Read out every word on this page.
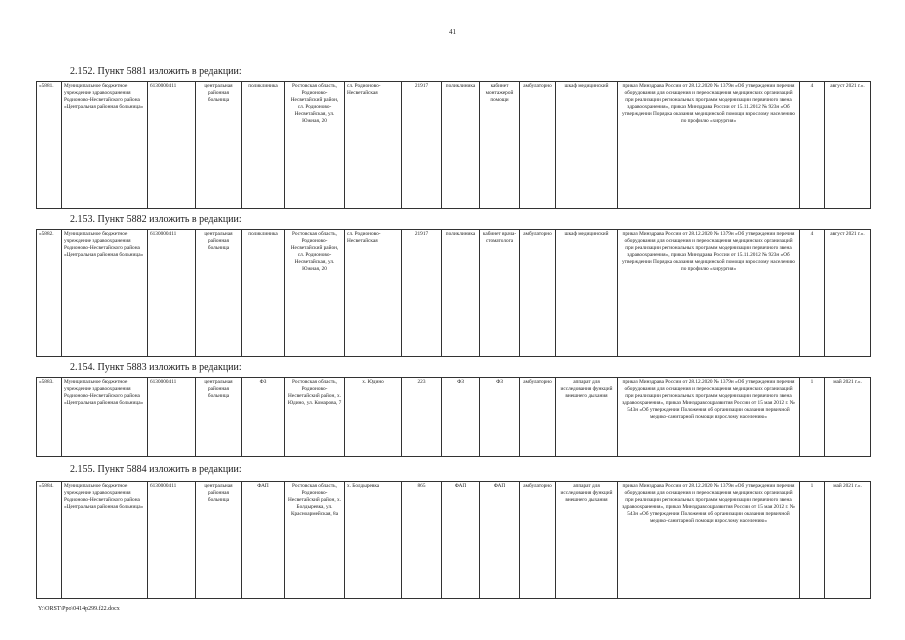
41
2.152. Пункт 5881 изложить в редакции:
«5881.	Муниципальное бюджетное учреждение здравоохранения Родионово-Несветайского района «Центральная районная больница»	6130000411	центральная районная больница	поликлиника	Ростовская область, Родионово-Несветайский район, сл. Родионово-Несветайская, ул. Южная, 20	сл. Родионово-Несветайская	21917	поликлиника	кабинет монтажерой помощи	амбулаторно	шкаф медицинский	приказ Минздрава России от 28.12.2020 № 1379н «Об утверждении перечня оборудования для оснащения и переоснащения медицинских организаций при реализации региональных программ модернизации первичного звена здравоохранения», приказ Минздрава России от 15.11.2012 № 923н «Об утверждении Порядка оказания медицинской помощи взрослому населению по профилю «хирургия»	4	август 2021 г.».
2.153. Пункт 5882 изложить в редакции:
«5882.	Муниципальное бюджетное учреждение здравоохранения Родионово-Несветайского района «Центральная районная больница»	6130000411	центральная районная больница	поликлиника	Ростовская область, Родионово-Несветайский район, сл. Родионово-Несветайская, ул. Южная, 20	сл. Родионово-Несветайская	21917	поликлиника	кабинет врача-стоматолога	амбулаторно	шкаф медицинский	приказ Минздрава России от 28.12.2020 № 1379н «Об утверждении перечня оборудования для оснащения и переоснащения медицинских организаций при реализации региональных программ модернизации первичного звена здравоохранения», приказ Минздрава России от 15.11.2012 № 923н «Об утверждении Порядка оказания медицинской помощи взрослому населению по профилю «хирургия»	4	август 2021 г.».
2.154. Пункт 5883 изложить в редакции:
«5883.	Муниципальное бюджетное учреждение здравоохранения Родионово-Несветайского района «Центральная районная больница»	6130000411	центральная районная больница	ФЗ	Ростовская область, Родионово-Несветайский район, х. Юдино, ул. Комарова, 7	х. Юдино	223	ФЗ	ФЗ	амбулаторно	аппарат для исследования функций внешнего дыхания	приказ Минздрава России от 28.12.2020 № 1379н «Об утверждении перечня оборудования для оснащения и переоснащения медицинских организаций при реализации региональных программ модернизации первичного звена здравоохранения», приказ Минздравсоцразвития России от 15 мая 2012 г. № 543н «Об утверждении Положения об организации оказания первичной медико-санитарной помощи взрослому населению»	1	май 2021 г.».
2.155. Пункт 5884 изложить в редакции:
«5884.	Муниципальное бюджетное учреждение здравоохранения Родионово-Несветайского района «Центральная районная больница»	6130000411	центральная районная больница	ФАП	Ростовская область, Родионово-Несветайский район, х. Болдыревка, ул. Красноармейская, 8а	х. Болдыревка	865	ФАП	ФАП	амбулаторно	аппарат для исследования функций внешнего дыхания	приказ Минздрава России от 28.12.2020 № 1379н «Об утверждении перечня оборудования для оснащения и переоснащения медицинских организаций при реализации региональных программ модернизации первичного звена здравоохранения», приказ Минздравсоцразвития России от 15 мая 2012 г. № 543н «Об утверждении Положения об организации оказания первичной медико-санитарной помощи взрослому населению»	1	май 2021 г.».
Y:\ORST\Ppo\0414p299.f22.docx
